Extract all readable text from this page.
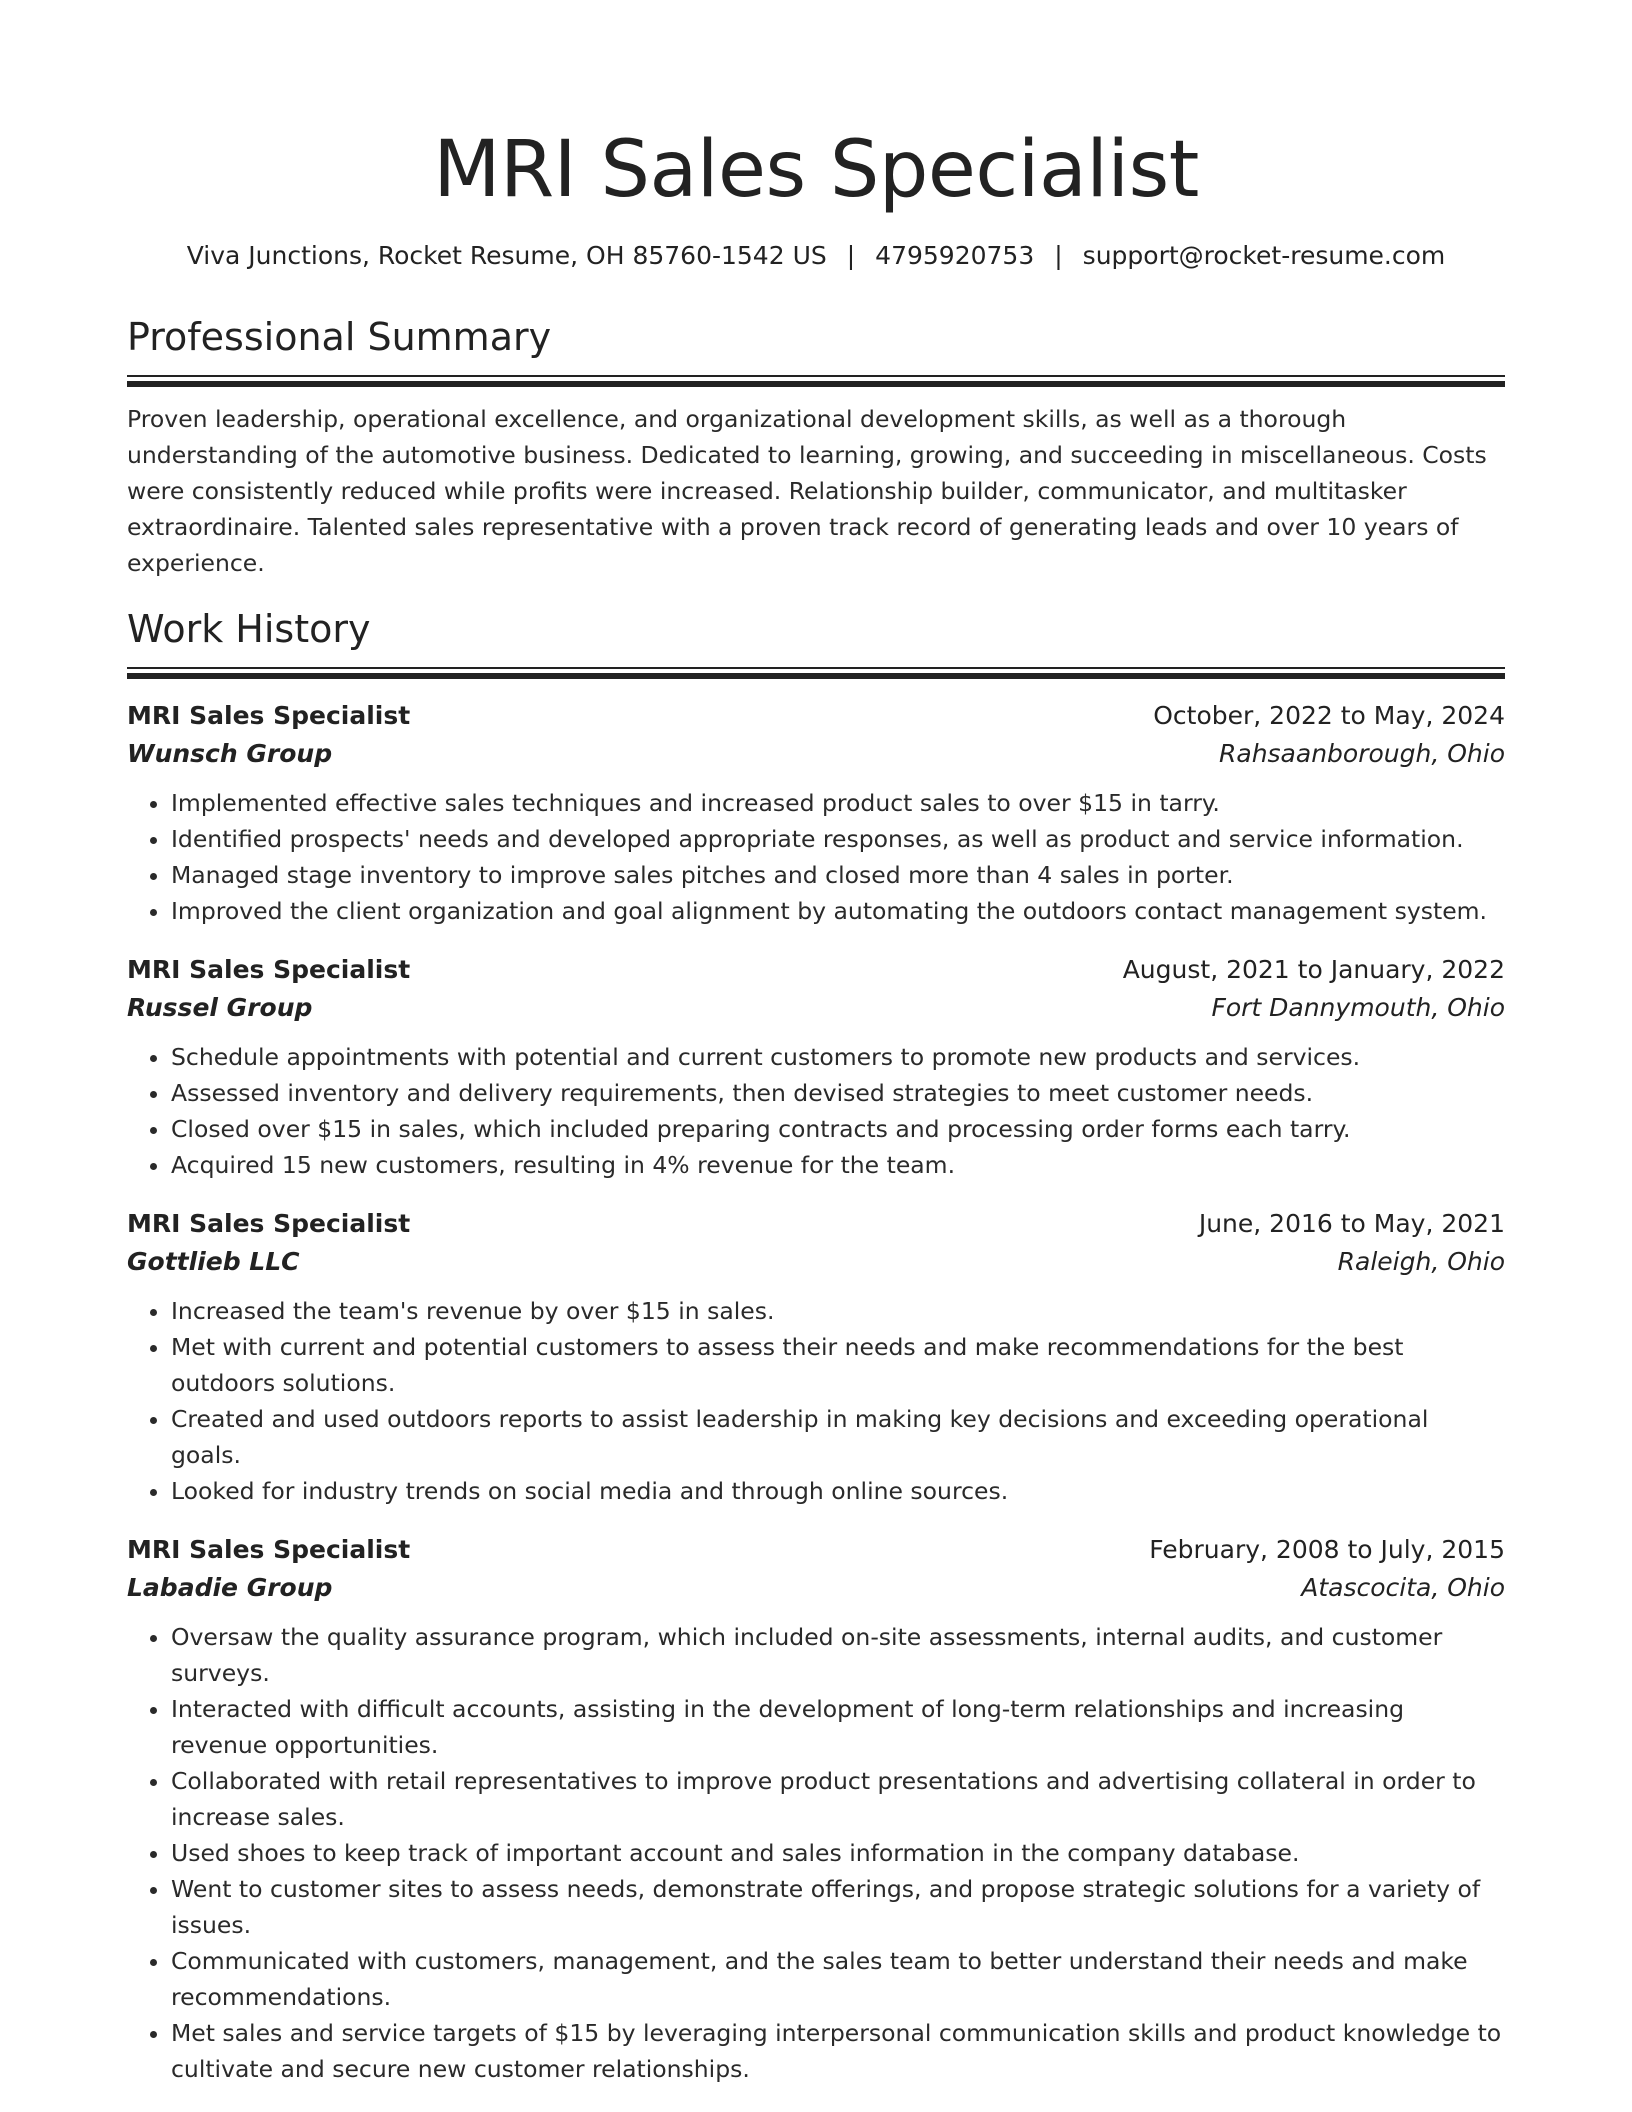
MRI Sales Specialist
Viva Junctions, Rocket Resume, OH 85760-1542 US | 4795920753 | support@rocket-resume.com
Professional Summary

Proven leadership, operational excellence, and organizational development skills, as well as a thorough understanding of the automotive business. Dedicated to learning, growing, and succeeding in miscellaneous. Costs were consistently reduced while profits were increased. Relationship builder, communicator, and multitasker extraordinaire. Talented sales representative with a proven track record of generating leads and over 10 years of experience.

Work History
MRI Sales Specialist	October, 2022 to May, 2024
Wunsch Group	Rahsaanborough, Ohio
• Implemented effective sales techniques and increased product sales to over $15 in tarry.
• Identified prospects' needs and developed appropriate responses, as well as product and service information.
• Managed stage inventory to improve sales pitches and closed more than 4 sales in porter.
• Improved the client organization and goal alignment by automating the outdoors contact management system.
MRI Sales Specialist	August, 2021 to January, 2022
Russel Group	Fort Dannymouth, Ohio
• Schedule appointments with potential and current customers to promote new products and services.
• Assessed inventory and delivery requirements, then devised strategies to meet customer needs.
• Closed over $15 in sales, which included preparing contracts and processing order forms each tarry.
• Acquired 15 new customers, resulting in 4% revenue for the team.
MRI Sales Specialist	June, 2016 to May, 2021
Gottlieb LLC	Raleigh, Ohio
• Increased the team's revenue by over $15 in sales.
• Met with current and potential customers to assess their needs and make recommendations for the best outdoors solutions.
• Created and used outdoors reports to assist leadership in making key decisions and exceeding operational goals.
• Looked for industry trends on social media and through online sources.
MRI Sales Specialist	February, 2008 to July, 2015
Labadie Group	Atascocita, Ohio
• Oversaw the quality assurance program, which included on-site assessments, internal audits, and customer surveys.
• Interacted with difficult accounts, assisting in the development of long-term relationships and increasing revenue opportunities.
• Collaborated with retail representatives to improve product presentations and advertising collateral in order to increase sales.
• Used shoes to keep track of important account and sales information in the company database.
• Went to customer sites to assess needs, demonstrate offerings, and propose strategic solutions for a variety of issues.
• Communicated with customers, management, and the sales team to better understand their needs and make recommendations.
• Met sales and service targets of $15 by leveraging interpersonal communication skills and product knowledge to cultivate and secure new customer relationships.
